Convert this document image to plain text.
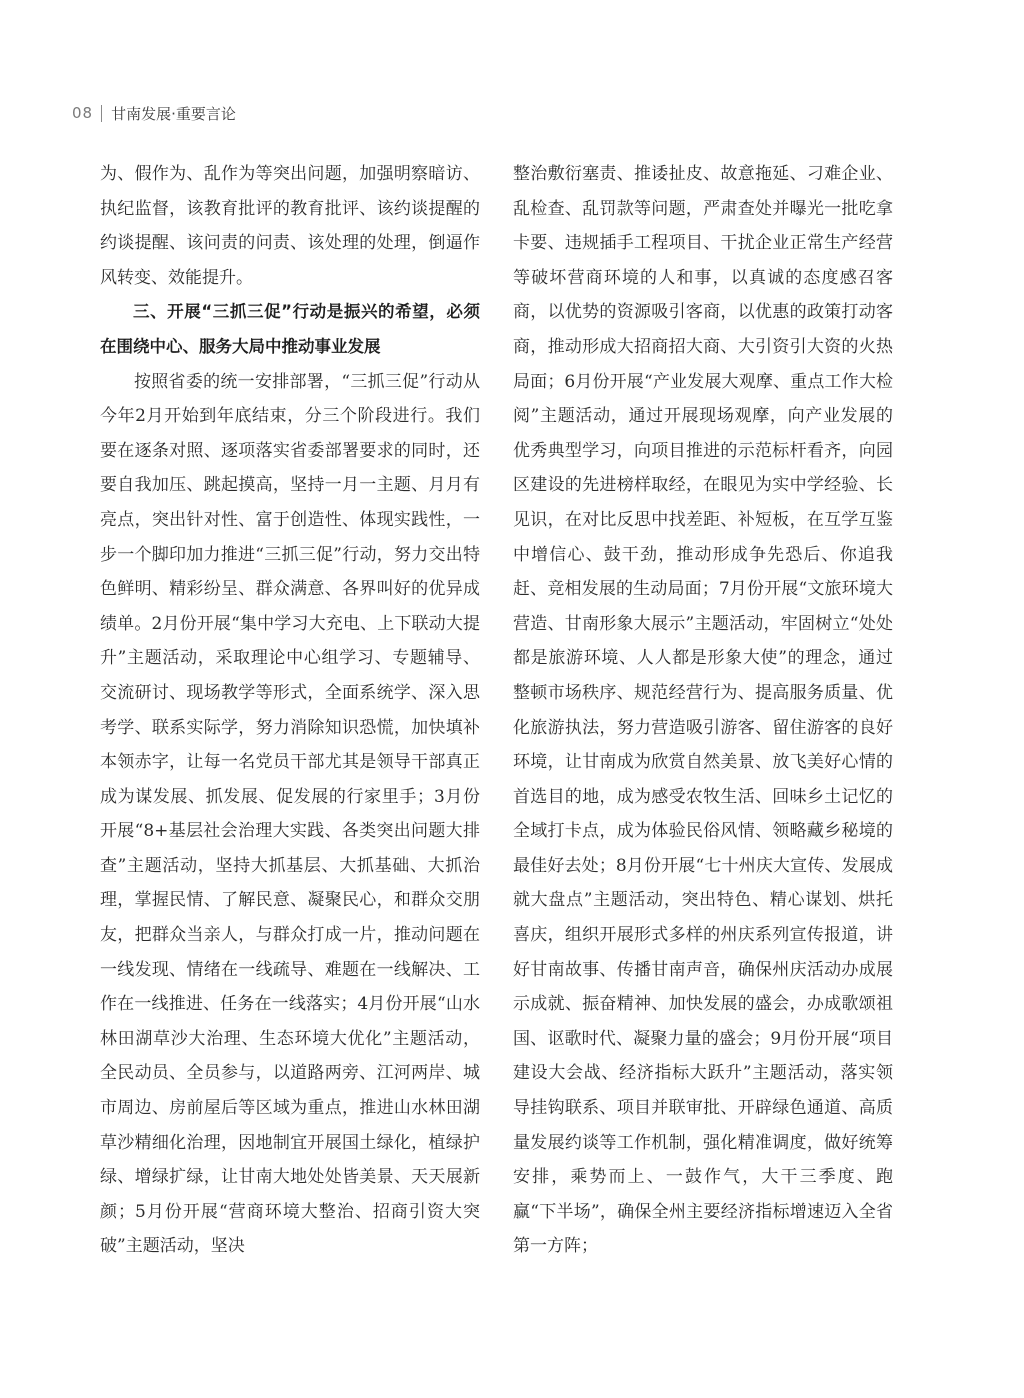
08 甘南发展·重要言论

为、假作为、乱作为等突出问题，加强明察暗访、执纪监督，该教育批评的教育批评、该约谈提醒的约谈提醒、该问责的问责、该处理的处理，倒逼作风转变、效能提升。

三、开展“三抓三促”行动是振兴的希望，必须在围绕中心、服务大局中推动事业发展

按照省委的统一安排部署，“三抓三促”行动从今年2月开始到年底结束，分三个阶段进行。我们要在逐条对照、逐项落实省委部署要求的同时，还要自我加压、跳起摸高，坚持一月一主题、月月有亮点，突出针对性、富于创造性、体现实践性，一步一个脚印加力推进“三抓三促”行动，努力交出特色鲜明、精彩纷呈、群众满意、各界叫好的优异成绩单。2月份开展“集中学习大充电、上下联动大提升”主题活动，采取理论中心组学习、专题辅导、交流研讨、现场教学等形式，全面系统学、深入思考学、联系实际学，努力消除知识恐慌，加快填补本领赤字，让每一名党员干部尤其是领导干部真正成为谋发展、抓发展、促发展的行家里手；3月份开展“8+基层社会治理大实践、各类突出问题大排查”主题活动，坚持大抓基层、大抓基础、大抓治理，掌握民情、了解民意、凝聚民心，和群众交朋友，把群众当亲人，与群众打成一片，推动问题在一线发现、情绪在一线疏导、难题在一线解决、工作在一线推进、任务在一线落实；4月份开展“山水林田湖草沙大治理、生态环境大优化”主题活动，全民动员、全员参与，以道路两旁、江河两岸、城市周边、房前屋后等区域为重点，推进山水林田湖草沙精细化治理，因地制宜开展国土绿化，植绿护绿、增绿扩绿，让甘南大地处处皆美景、天天展新颜；5月份开展“营商环境大整治、招商引资大突破”主题活动，坚决

整治敷衍塞责、推诿扯皮、故意拖延、刁难企业、乱检查、乱罚款等问题，严肃查处并曝光一批吃拿卡要、违规插手工程项目、干扰企业正常生产经营等破坏营商环境的人和事，以真诚的态度感召客商，以优势的资源吸引客商，以优惠的政策打动客商，推动形成大招商招大商、大引资引大资的火热局面；6月份开展“产业发展大观摩、重点工作大检阅”主题活动，通过开展现场观摩，向产业发展的优秀典型学习，向项目推进的示范标杆看齐，向园区建设的先进榜样取经，在眼见为实中学经验、长见识，在对比反思中找差距、补短板，在互学互鉴中增信心、鼓干劲，推动形成争先恐后、你追我赶、竞相发展的生动局面；7月份开展“文旅环境大营造、甘南形象大展示”主题活动，牢固树立“处处都是旅游环境、人人都是形象大使”的理念，通过整顿市场秩序、规范经营行为、提高服务质量、优化旅游执法，努力营造吸引游客、留住游客的良好环境，让甘南成为欣赏自然美景、放飞美好心情的首选目的地，成为感受农牧生活、回味乡土记忆的全域打卡点，成为体验民俗风情、领略藏乡秘境的最佳好去处；8月份开展“七十州庆大宣传、发展成就大盘点”主题活动，突出特色、精心谋划、烘托喜庆，组织开展形式多样的州庆系列宣传报道，讲好甘南故事、传播甘南声音，确保州庆活动办成展示成就、振奋精神、加快发展的盛会，办成歌颂祖国、讴歌时代、凝聚力量的盛会；9月份开展“项目建设大会战、经济指标大跃升”主题活动，落实领导挂钩联系、项目并联审批、开辟绿色通道、高质量发展约谈等工作机制，强化精准调度，做好统筹安排，乘势而上、一鼓作气，大干三季度、跑赢“下半场”，确保全州主要经济指标增速迈入全省第一方阵；
